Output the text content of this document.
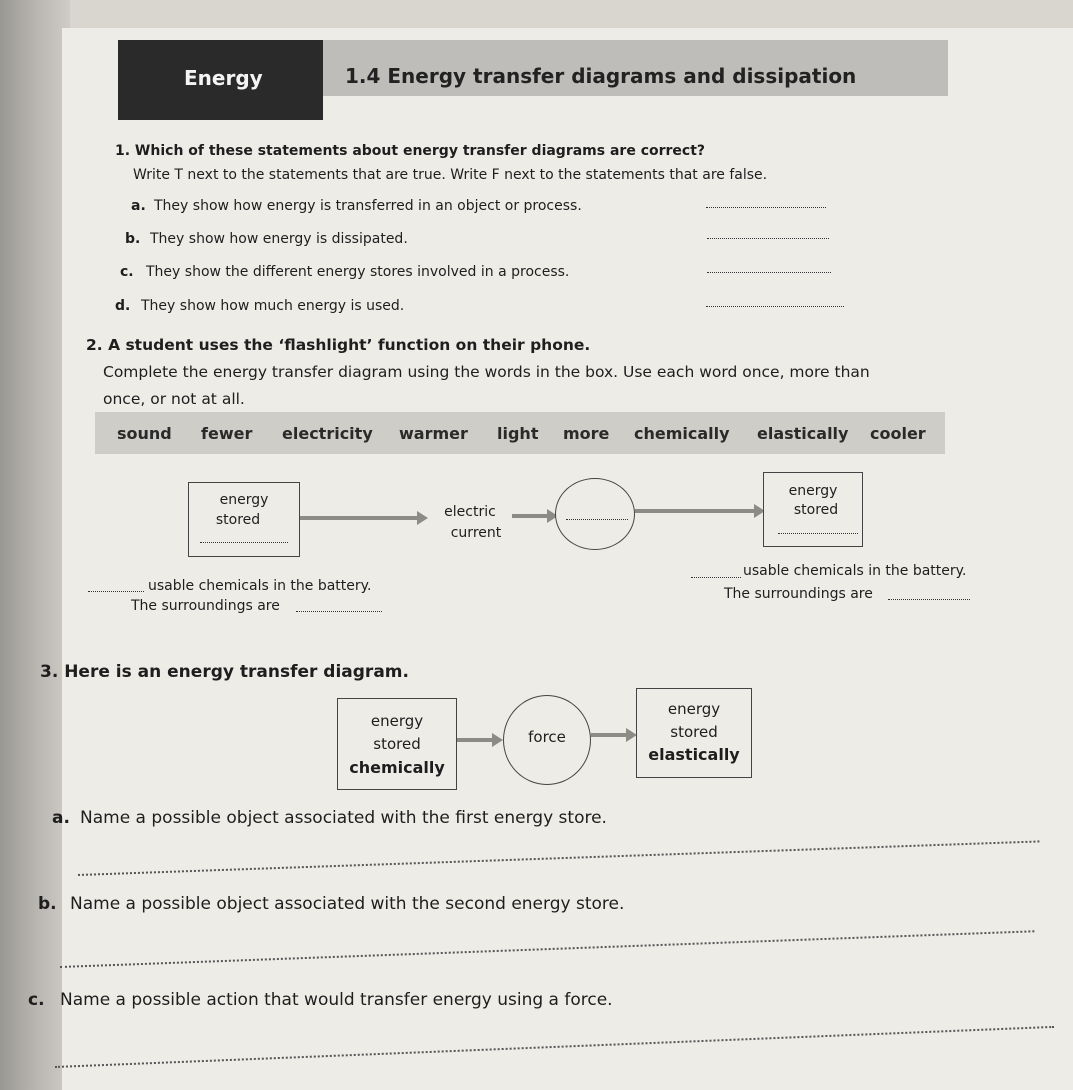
Energy	1.4 Energy transfer diagrams and dissipation
1. Which of these statements about energy transfer diagrams are correct?
Write T next to the statements that are true. Write F next to the statements that are false.
a. They show how energy is transferred in an object or process.
b. They show how energy is dissipated.
c. They show the different energy stores involved in a process.
d. They show how much energy is used.
2. A student uses the ‘flashlight’ function on their phone.
Complete the energy transfer diagram using the words in the box. Use each word once, more than
once, or not at all.
sound fewer electricity warmer light more chemically elastically cooler
energy
stored	electric
current
energy
stored
usable chemicals in the battery.
The surroundings are
usable chemicals in the battery.
The surroundings are
3. Here is an energy transfer diagram.
energy
stored
chemically
force
energy
stored
elastically
a. Name a possible object associated with the first energy store.
b. Name a possible object associated with the second energy store.
c. Name a possible action that would transfer energy using a force.
